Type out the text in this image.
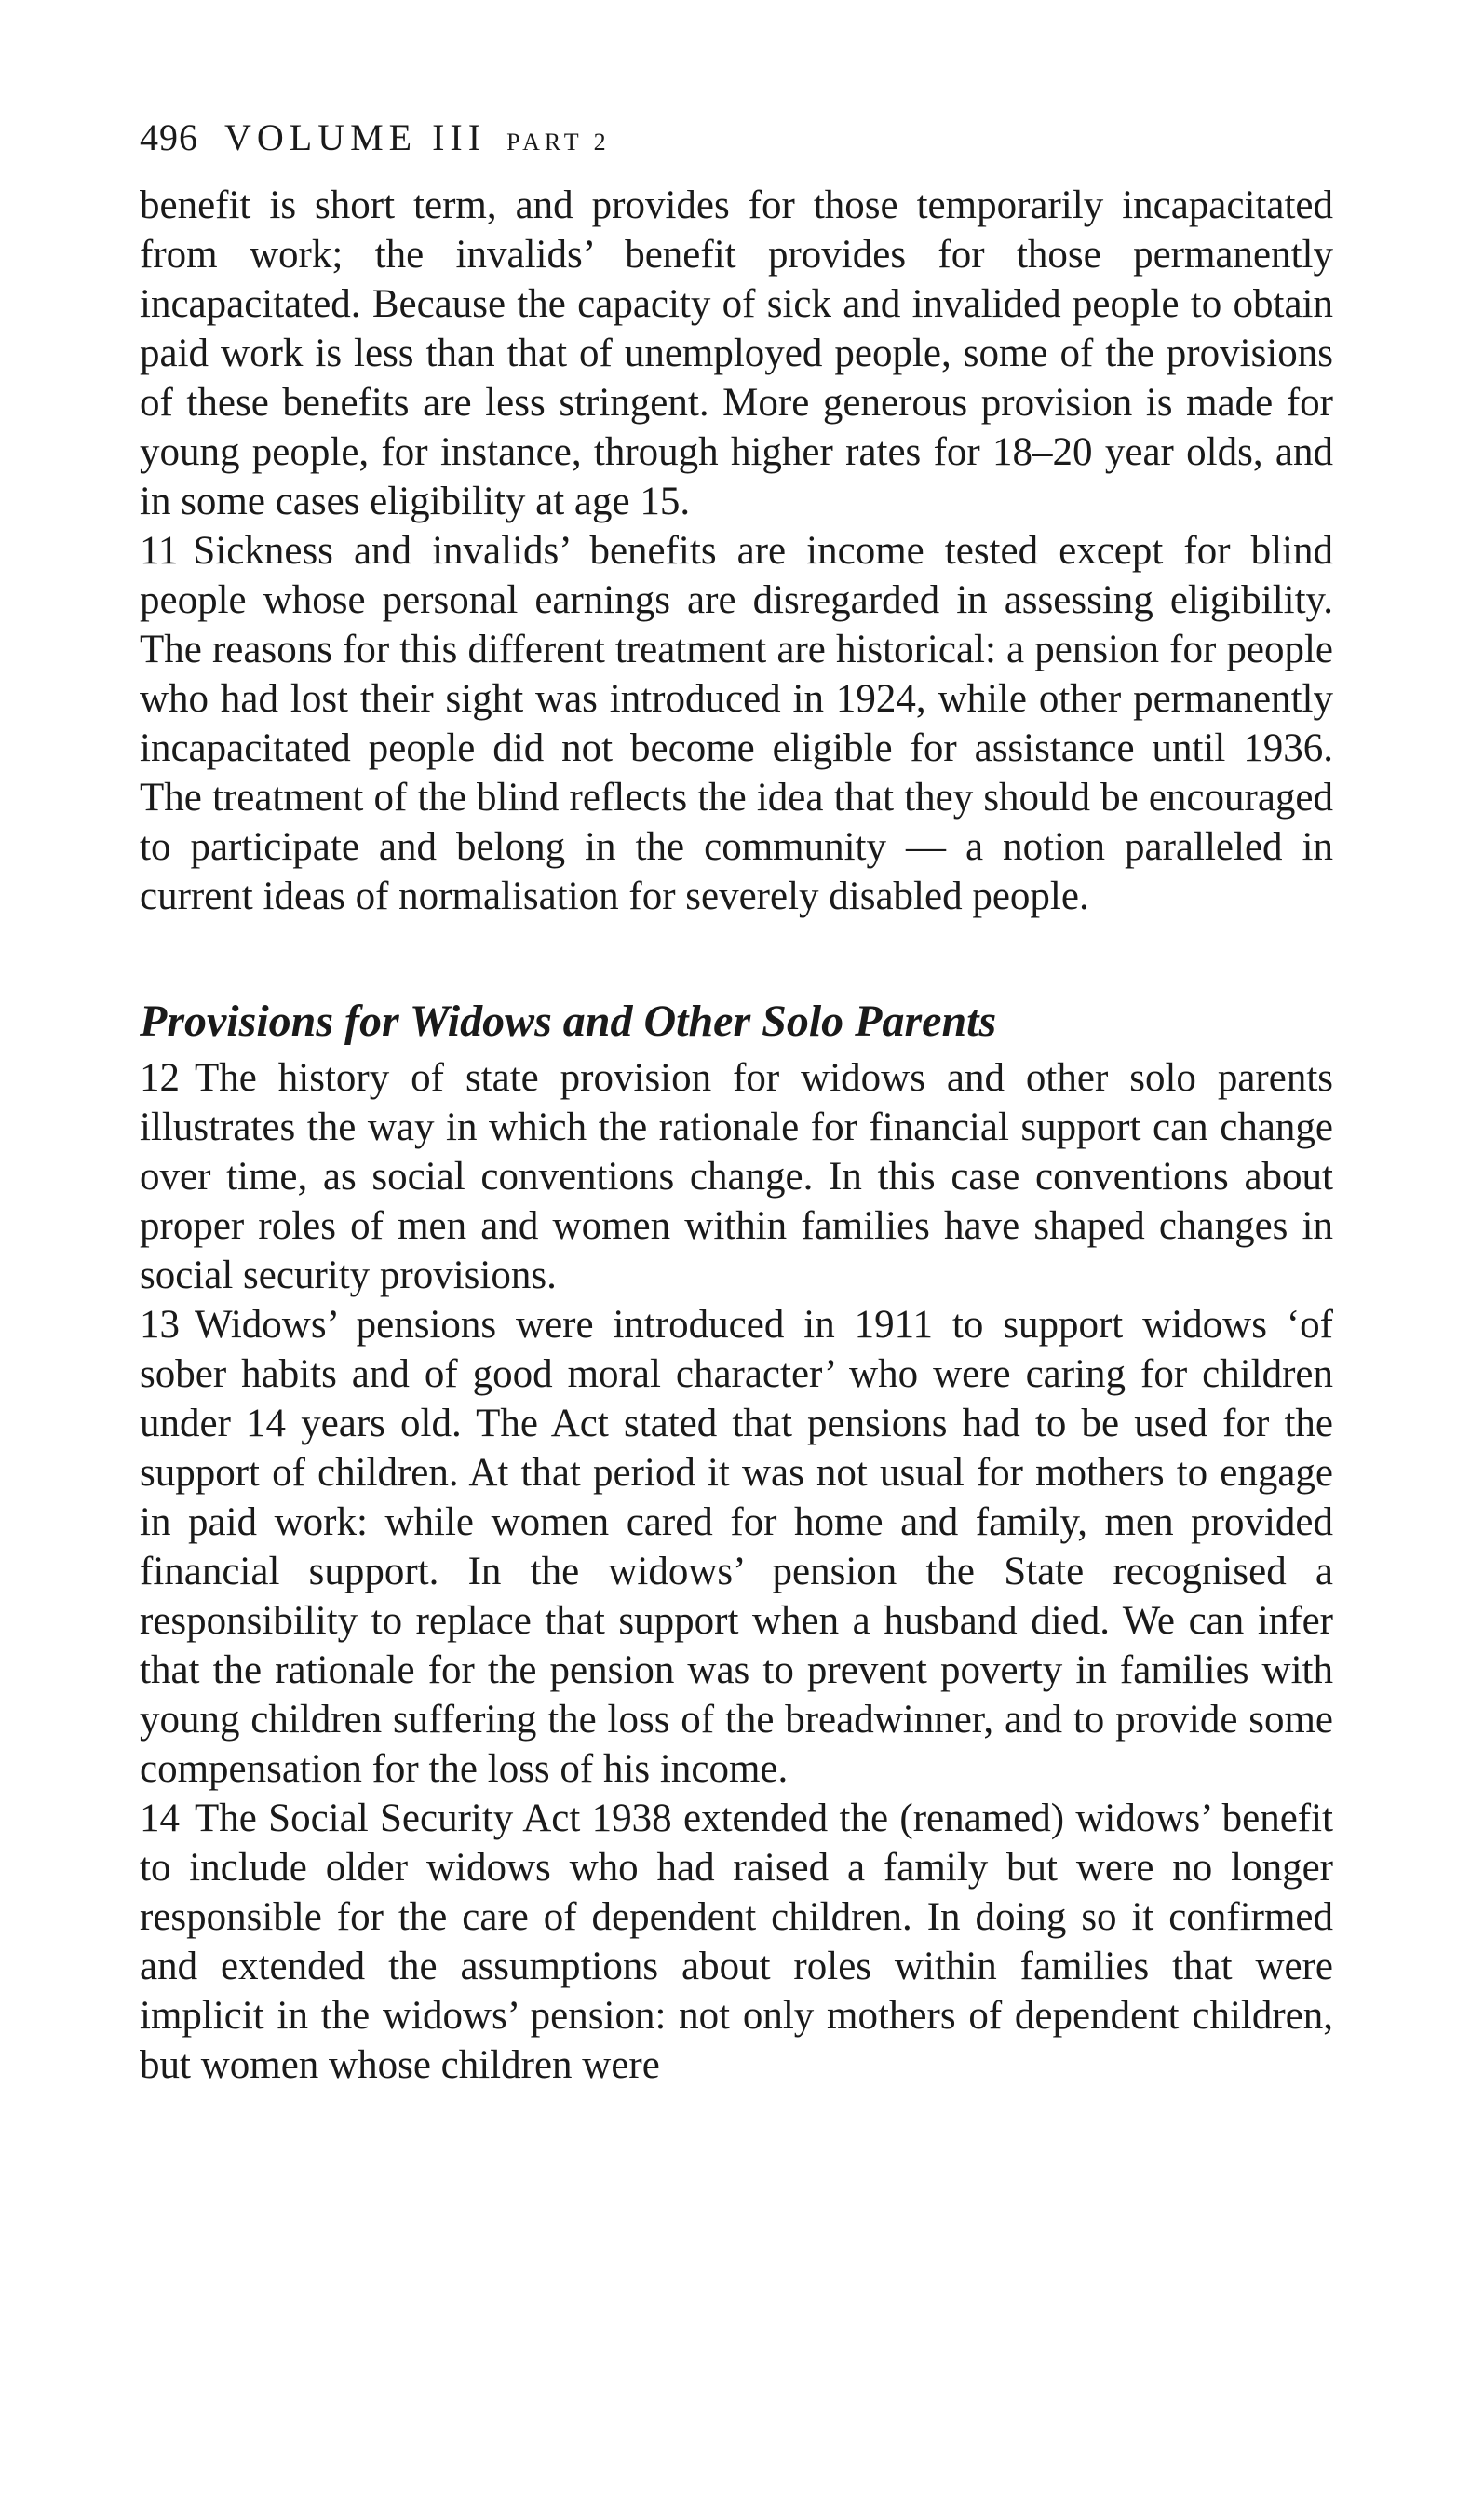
496 VOLUME III PART 2

benefit is short term, and provides for those temporarily incapacitated from work; the invalids’ benefit provides for those permanently incapacitated. Because the capacity of sick and invalided people to obtain paid work is less than that of unemployed people, some of the provisions of these benefits are less stringent. More generous provision is made for young people, for instance, through higher rates for 18–20 year olds, and in some cases eligibility at age 15.

11 Sickness and invalids’ benefits are income tested except for blind people whose personal earnings are disregarded in assessing eligibility. The reasons for this different treatment are historical: a pension for people who had lost their sight was introduced in 1924, while other permanently incapacitated people did not become eligible for assistance until 1936. The treatment of the blind reflects the idea that they should be encouraged to participate and belong in the community — a notion paralleled in current ideas of normalisation for severely disabled people.

Provisions for Widows and Other Solo Parents

12 The history of state provision for widows and other solo parents illustrates the way in which the rationale for financial support can change over time, as social conventions change. In this case conventions about proper roles of men and women within families have shaped changes in social security provisions.

13 Widows’ pensions were introduced in 1911 to support widows ‘of sober habits and of good moral character’ who were caring for children under 14 years old. The Act stated that pensions had to be used for the support of children. At that period it was not usual for mothers to engage in paid work: while women cared for home and family, men provided financial support. In the widows’ pension the State recognised a responsibility to replace that support when a husband died. We can infer that the rationale for the pension was to prevent poverty in families with young children suffering the loss of the breadwinner, and to provide some compensation for the loss of his income.

14 The Social Security Act 1938 extended the (renamed) widows’ benefit to include older widows who had raised a family but were no longer responsible for the care of dependent children. In doing so it confirmed and extended the assumptions about roles within families that were implicit in the widows’ pension: not only mothers of dependent children, but women whose children were
